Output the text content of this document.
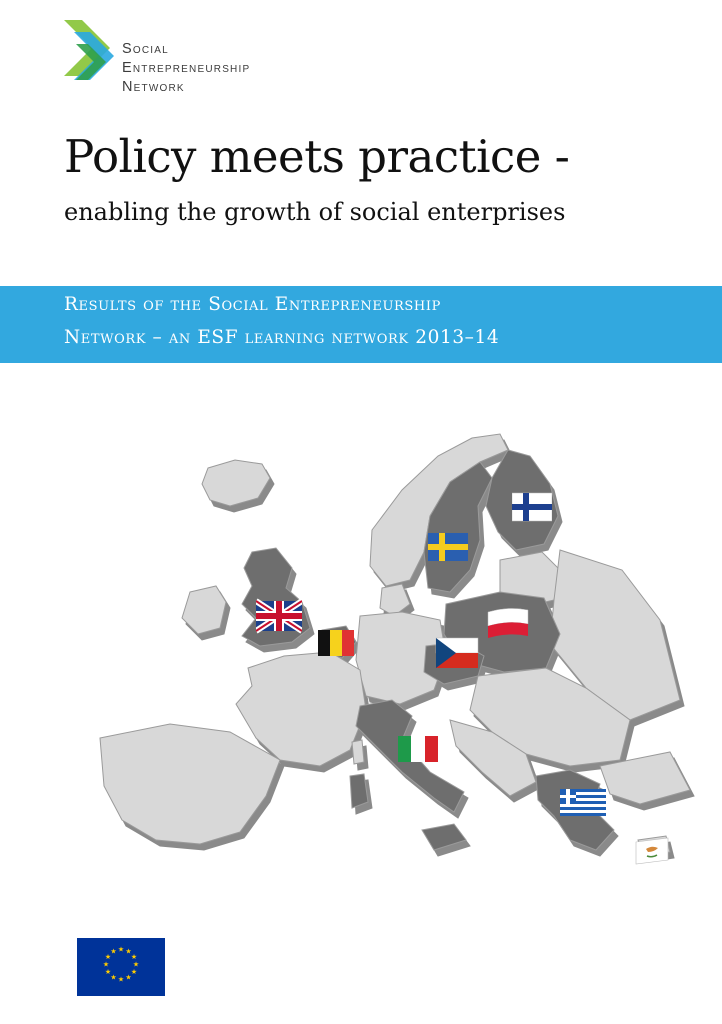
Social
Entrepreneurship
Network
Policy meets practice -
enabling the growth of social enterprises
Results of the Social Entrepreneurship
Network – an ESF learning network 2013–14
★ ★
★
★
★
★
★
★
★
★
★
★
